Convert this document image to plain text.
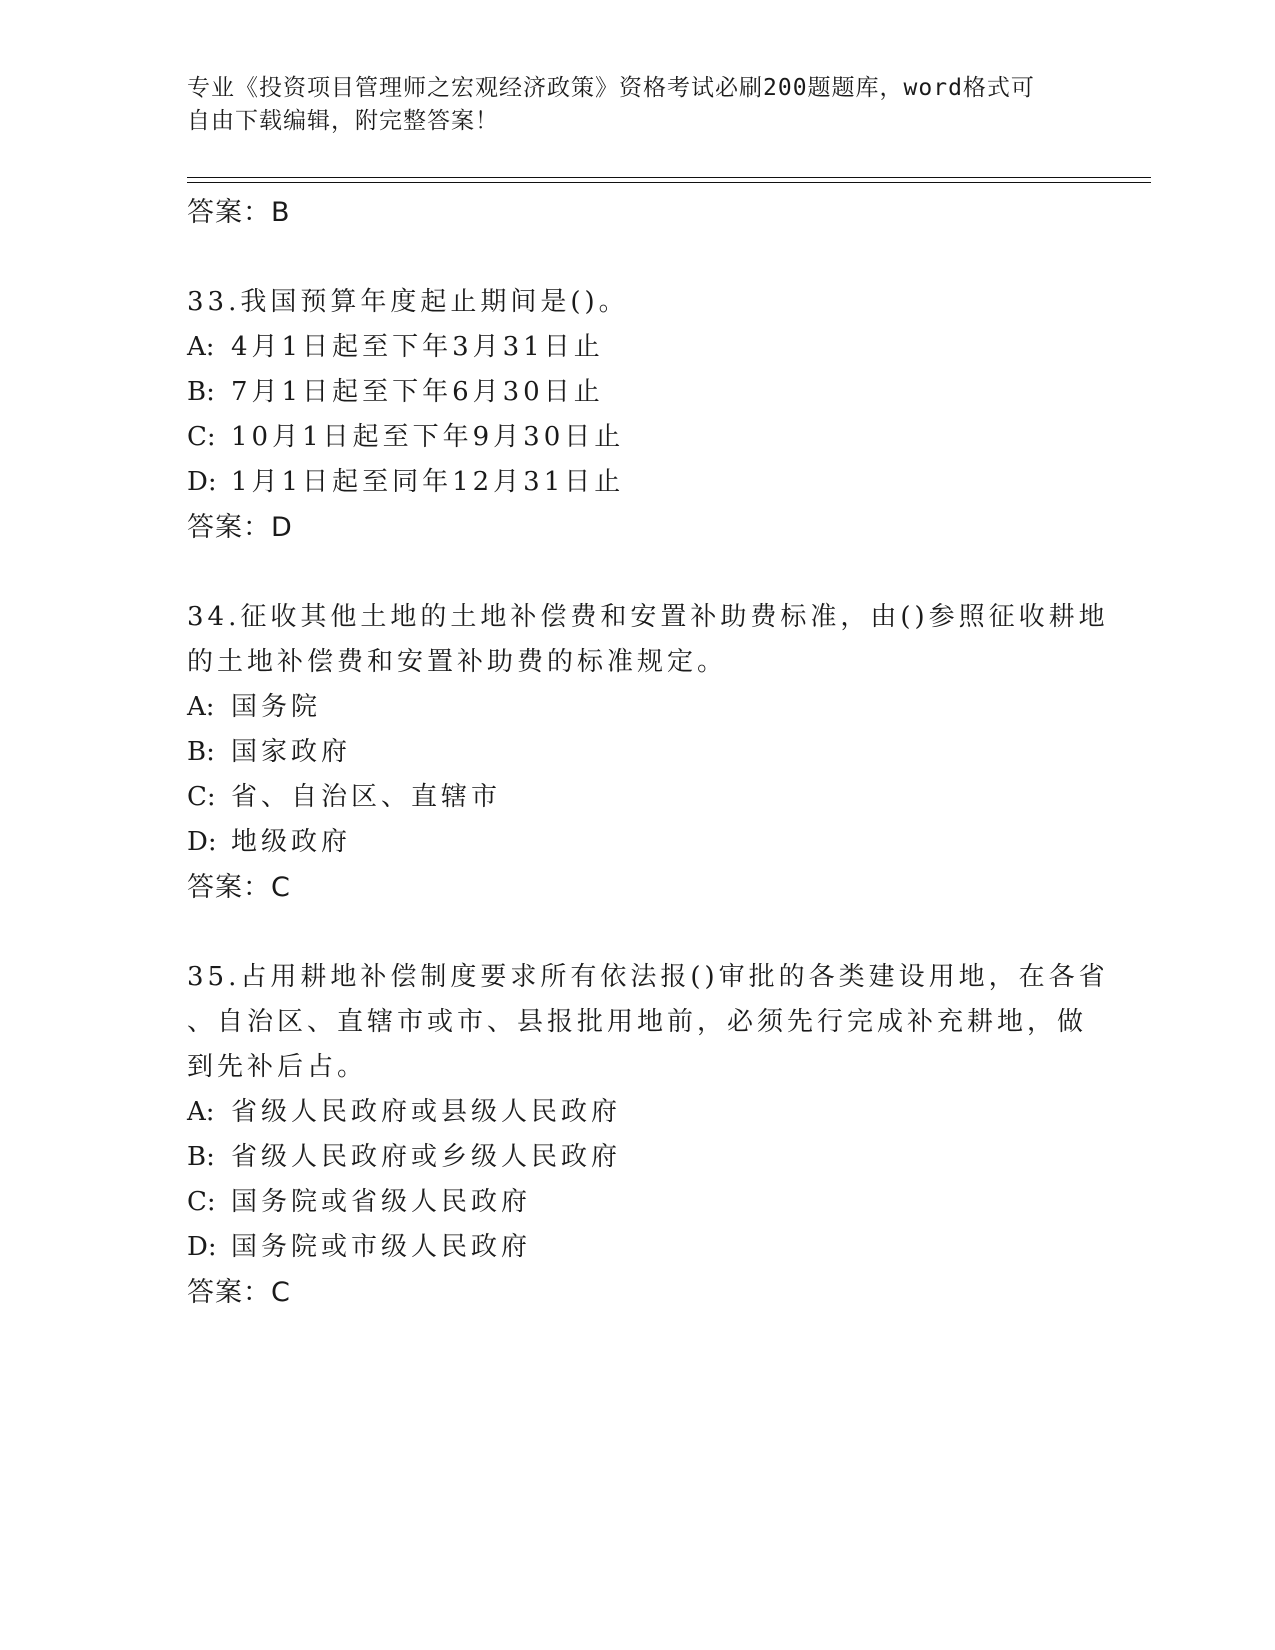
专业《投资项目管理师之宏观经济政策》资格考试必刷200题题库，word格式可
自由下载编辑，附完整答案！
答案：B
33.我国预算年度起止期间是()。
A: 4月1日起至下年3月31日止
B: 7月1日起至下年6月30日止
C: 10月1日起至下年9月30日止
D: 1月1日起至同年12月31日止
答案：D
34.征收其他土地的土地补偿费和安置补助费标准，由()参照征收耕地
的土地补偿费和安置补助费的标准规定。
A: 国务院
B: 国家政府
C: 省、自治区、直辖市
D: 地级政府
答案：C
35.占用耕地补偿制度要求所有依法报()审批的各类建设用地，在各省
、自治区、直辖市或市、县报批用地前，必须先行完成补充耕地，做
到先补后占。
A: 省级人民政府或县级人民政府
B: 省级人民政府或乡级人民政府
C: 国务院或省级人民政府
D: 国务院或市级人民政府
答案：C
